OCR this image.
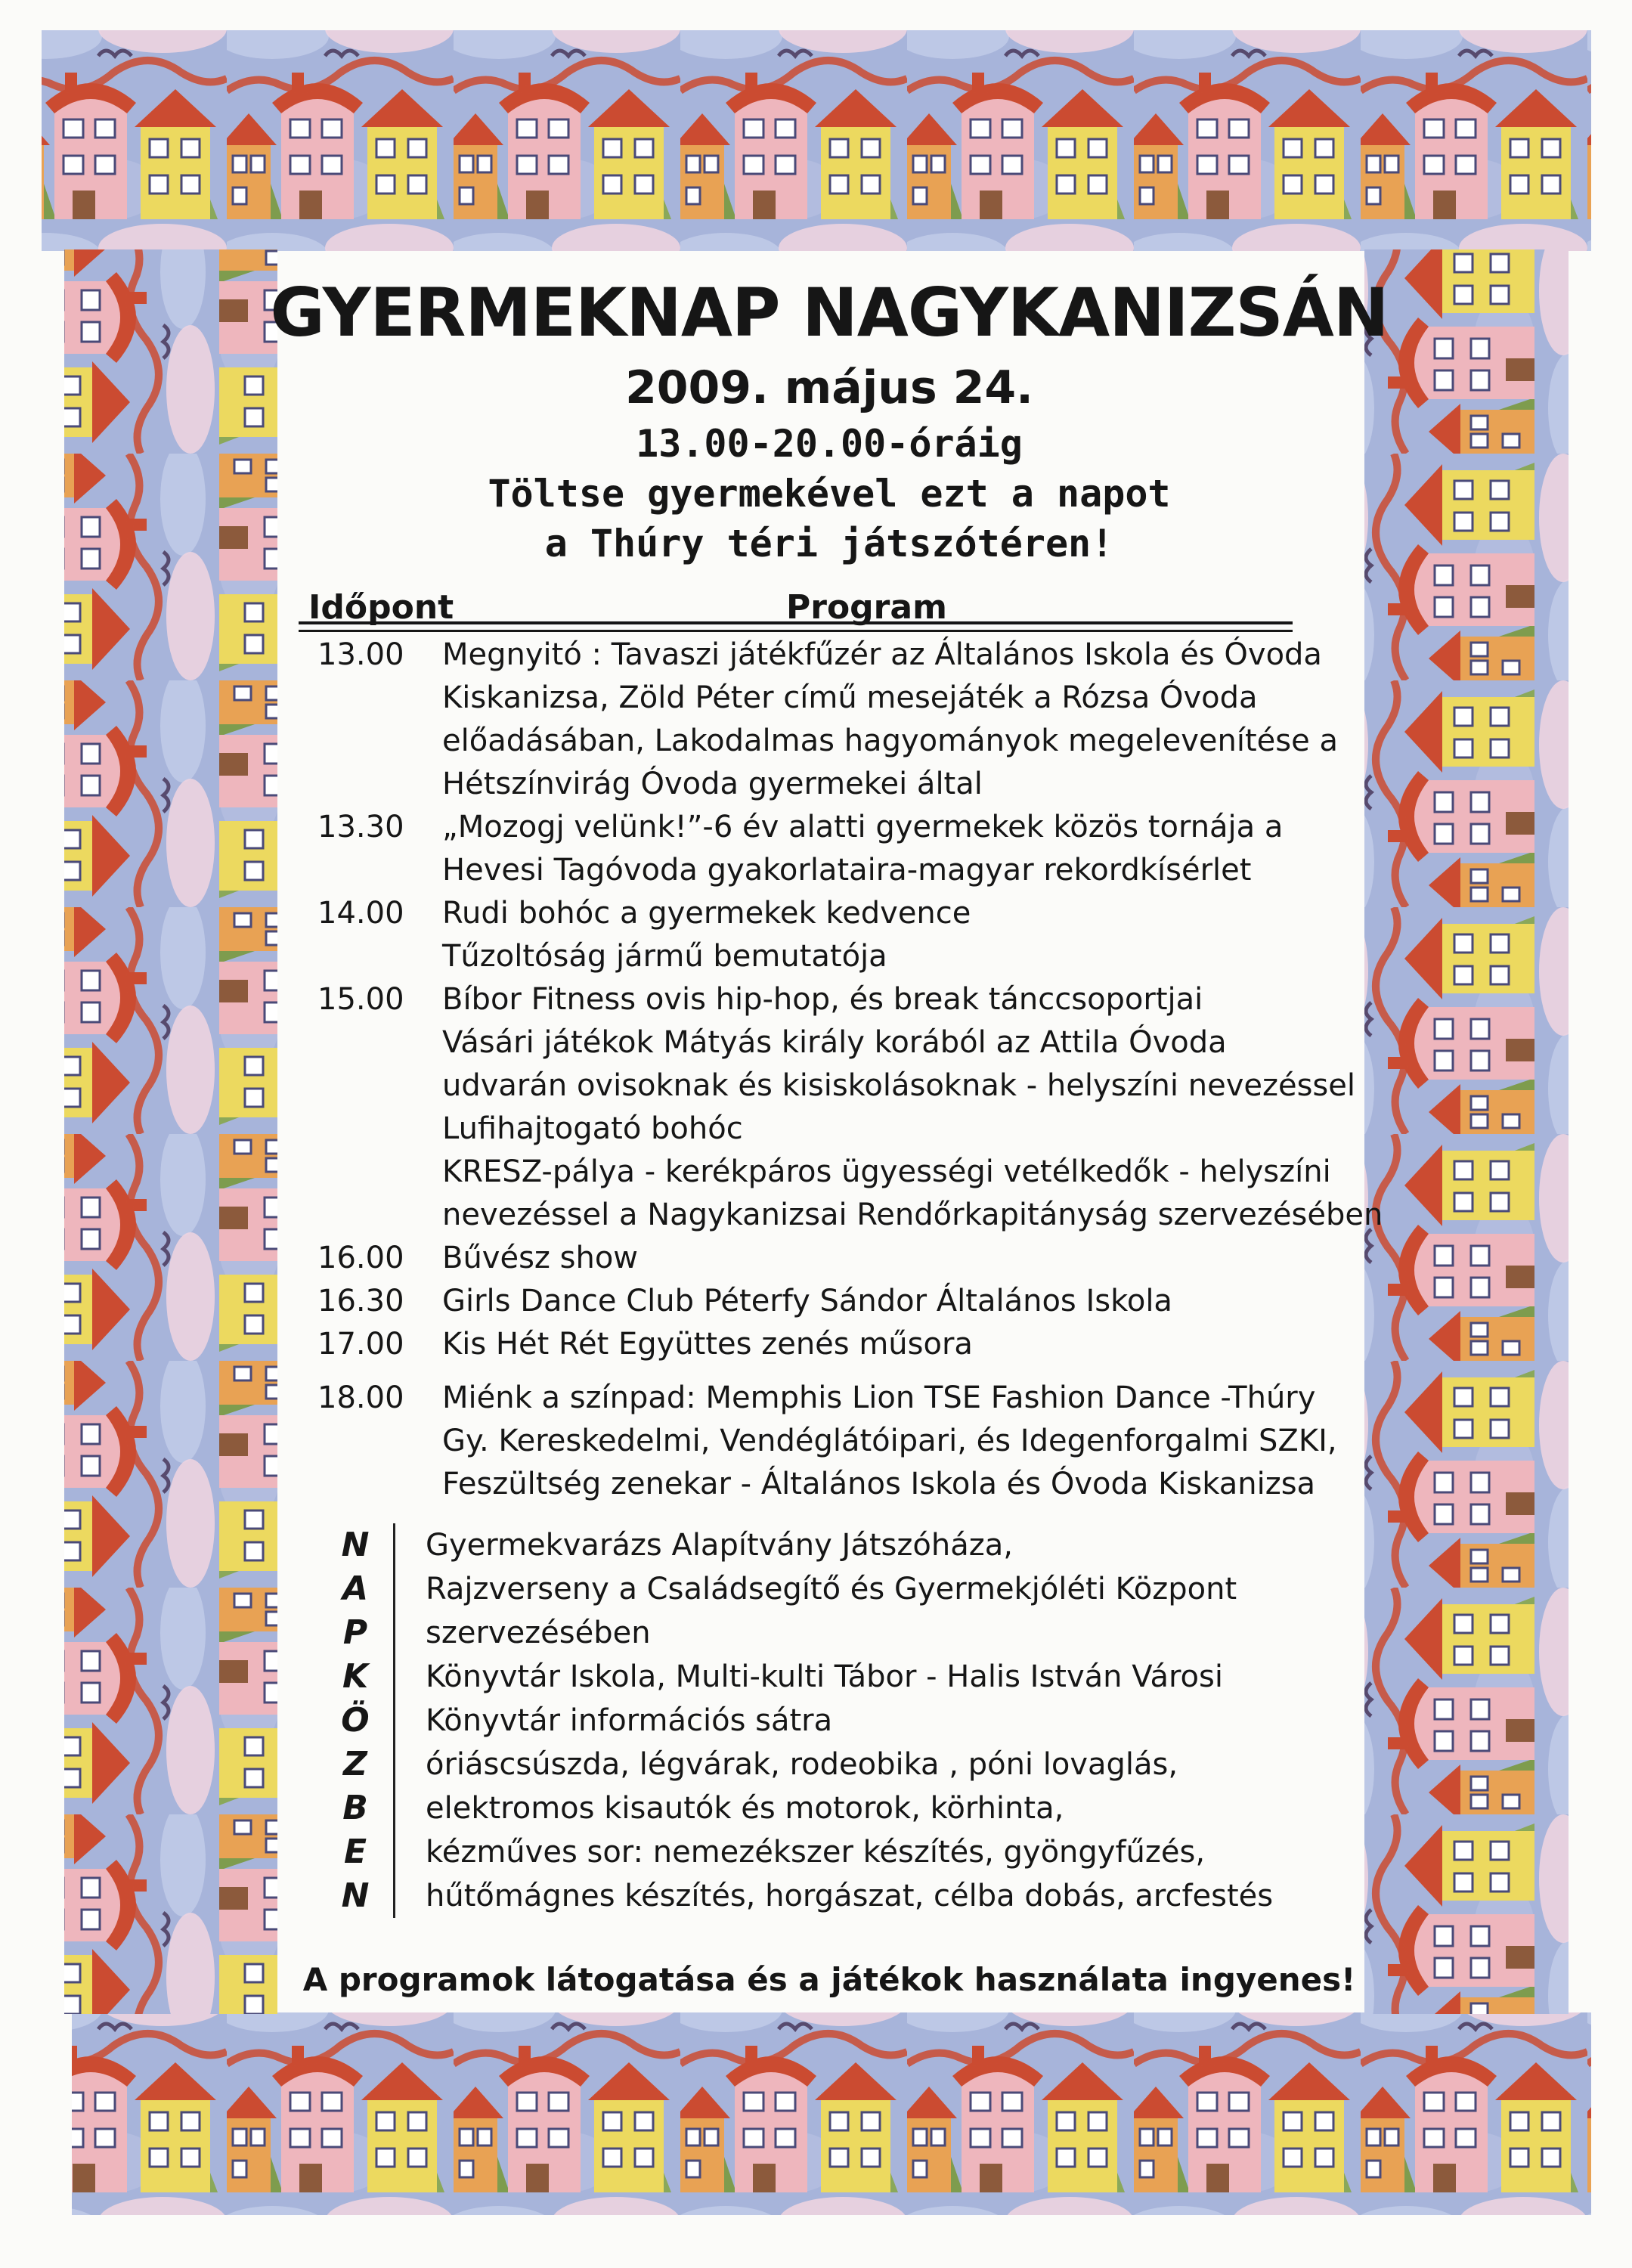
GYERMEKNAP NAGYKANIZSÁN
2009. május 24.
13.00-20.00-óráig
Töltse gyermekével ezt a napot
a Thúry téri játszótéren!
Időpont	Program
13.00	Megnyitó : Tavaszi játékfűzér az Általános Iskola és Óvoda
Kiskanizsa, Zöld Péter című mesejáték a Rózsa Óvoda
előadásában, Lakodalmas hagyományok megelevenítése a
Hétszínvirág Óvoda gyermekei által
13.30	„Mozogj velünk!”-6 év alatti gyermekek közös tornája a
Hevesi Tagóvoda gyakorlataira-magyar rekordkísérlet
14.00	Rudi bohóc a gyermekek kedvence
Tűzoltóság jármű bemutatója
15.00	Bíbor Fitness ovis hip-hop, és break tánccsoportjai
Vásári játékok Mátyás király korából az Attila Óvoda
udvarán ovisoknak és kisiskolásoknak - helyszíni nevezéssel
Lufihajtogató bohóc
KRESZ-pálya - kerékpáros ügyességi vetélkedők - helyszíni
nevezéssel a Nagykanizsai Rendőrkapitányság szervezésében
16.00	Bűvész show
16.30	Girls Dance Club Péterfy Sándor Általános Iskola
17.00	Kis Hét Rét Együttes zenés műsora
18.00	Miénk a színpad: Memphis Lion TSE Fashion Dance -Thúry
Gy. Kereskedelmi, Vendéglátóipari, és Idegenforgalmi SZKI,
Feszültség zenekar - Általános Iskola és Óvoda Kiskanizsa
N	Gyermekvarázs Alapítvány Játszóháza,
A	Rajzverseny a Családsegítő és Gyermekjóléti Központ
P	szervezésében
K	Könyvtár Iskola, Multi-kulti Tábor - Halis István Városi
Ö	Könyvtár információs sátra
Z	óriáscsúszda, légvárak, rodeobika , póni lovaglás,
B	elektromos kisautók és motorok, körhinta,
E	kézműves sor: nemezékszer készítés, gyöngyfűzés,
N	hűtőmágnes készítés, horgászat, célba dobás, arcfestés
A programok látogatása és a játékok használata ingyenes!
